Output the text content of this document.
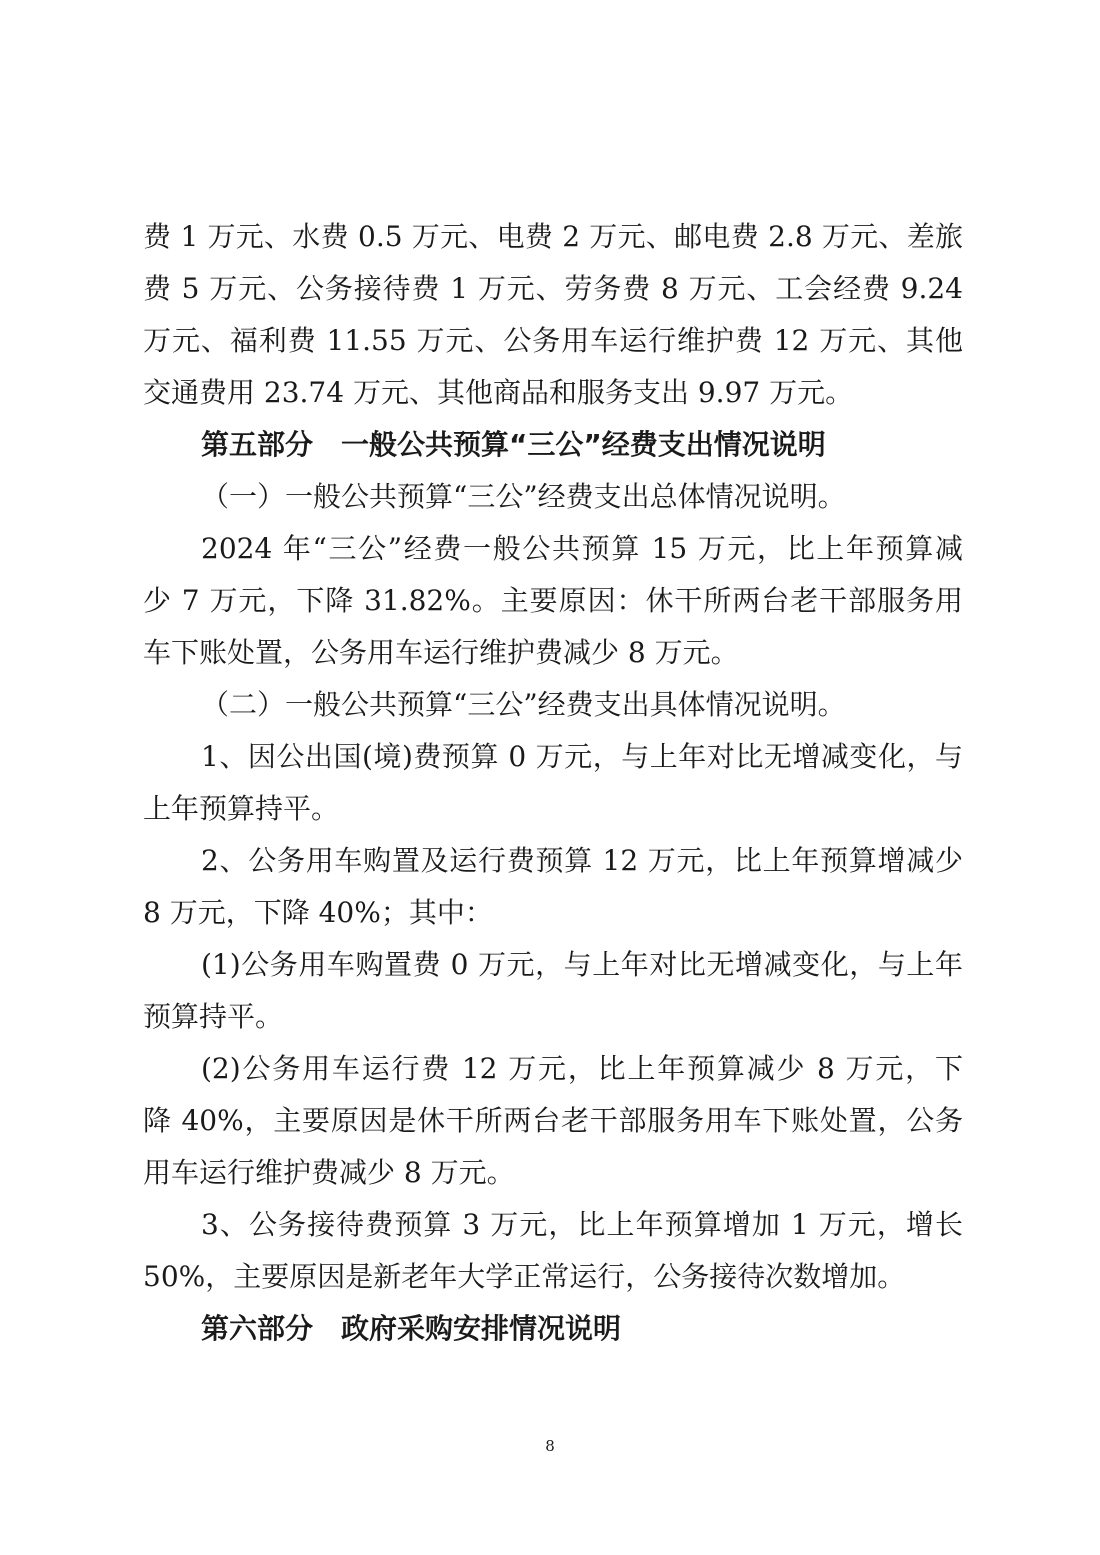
费 1 万元、水费 0.5 万元、电费 2 万元、邮电费 2.8 万元、差旅
费 5 万元、公务接待费 1 万元、劳务费 8 万元、工会经费 9.24
万元、福利费 11.55 万元、公务用车运行维护费 12 万元、其他
交通费用 23.74 万元、其他商品和服务支出 9.97 万元。
第五部分　一般公共预算“三公”经费支出情况说明
（一）一般公共预算“三公”经费支出总体情况说明。
2024 年“三公”经费一般公共预算 15 万元，比上年预算减
少 7 万元，下降 31.82%。主要原因：休干所两台老干部服务用
车下账处置，公务用车运行维护费减少 8 万元。
（二）一般公共预算“三公”经费支出具体情况说明。
1、因公出国(境)费预算 0 万元，与上年对比无增减变化，与
上年预算持平。
2、公务用车购置及运行费预算 12 万元，比上年预算增减少
8 万元，下降 40%；其中：
(1)公务用车购置费 0 万元，与上年对比无增减变化，与上年
预算持平。
(2)公务用车运行费 12 万元，比上年预算减少 8 万元，下
降 40%，主要原因是休干所两台老干部服务用车下账处置，公务
用车运行维护费减少 8 万元。
3、公务接待费预算 3 万元，比上年预算增加 1 万元，增长
50%，主要原因是新老年大学正常运行，公务接待次数增加。
第六部分　政府采购安排情况说明
8
